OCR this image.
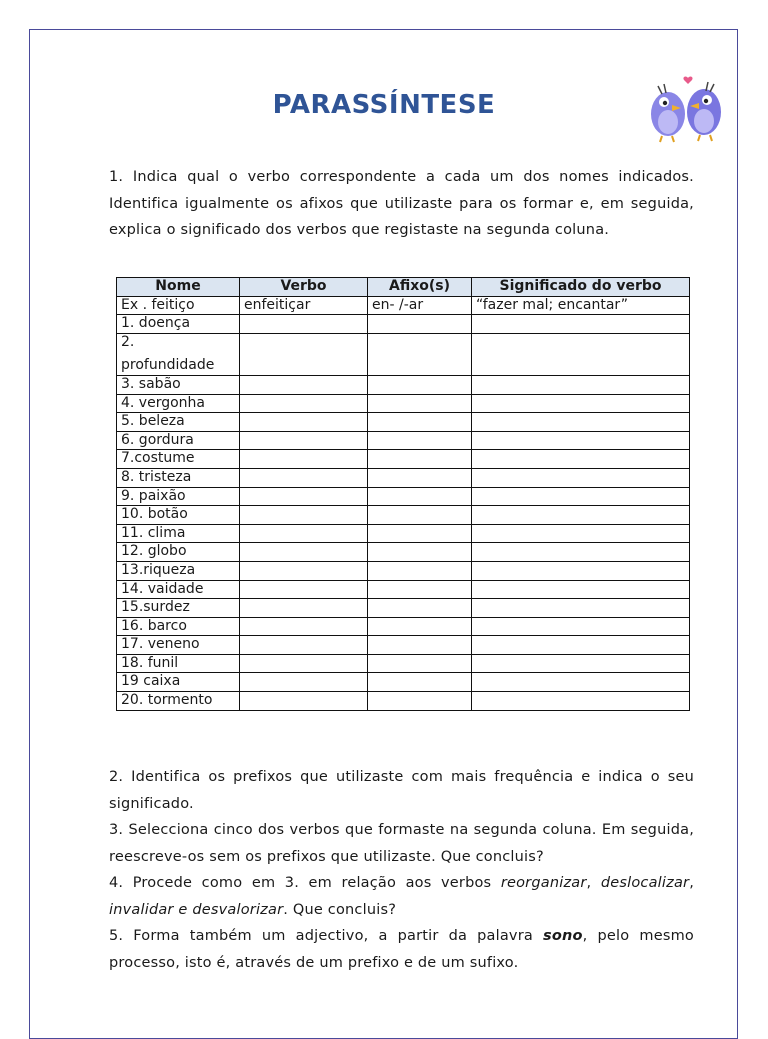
PARASSÍNTESE

1. Indica qual o verbo correspondente a cada um dos nomes indicados. Identifica igualmente os afixos que utilizaste para os formar e, em seguida, explica o significado dos verbos que registaste na segunda coluna.

Nome	Verbo	Afixo(s)	Significado do verbo
Ex . feitiço	enfeitiçar	en- /-ar	“fazer mal; encantar”
1. doença			

2.
profundidade			

3. sabão			
4. vergonha			
5. beleza			
6. gordura			
7.costume			
8. tristeza			
9. paixão			
10. botão			
11. clima			
12. globo			
13.riqueza			
14. vaidade			
15.surdez			
16. barco			
17. veneno			
18. funil			
19 caixa			
20. tormento			

2. Identifica os prefixos que utilizaste com mais frequência e indica o seu significado.

3. Selecciona cinco dos verbos que formaste na segunda coluna. Em seguida, reescreve-os sem os prefixos que utilizaste. Que concluis?

4. Procede como em 3. em relação aos verbos reorganizar, deslocalizar, invalidar e desvalorizar. Que concluis?

5. Forma também um adjectivo, a partir da palavra sono, pelo mesmo processo, isto é, através de um prefixo e de um sufixo.
